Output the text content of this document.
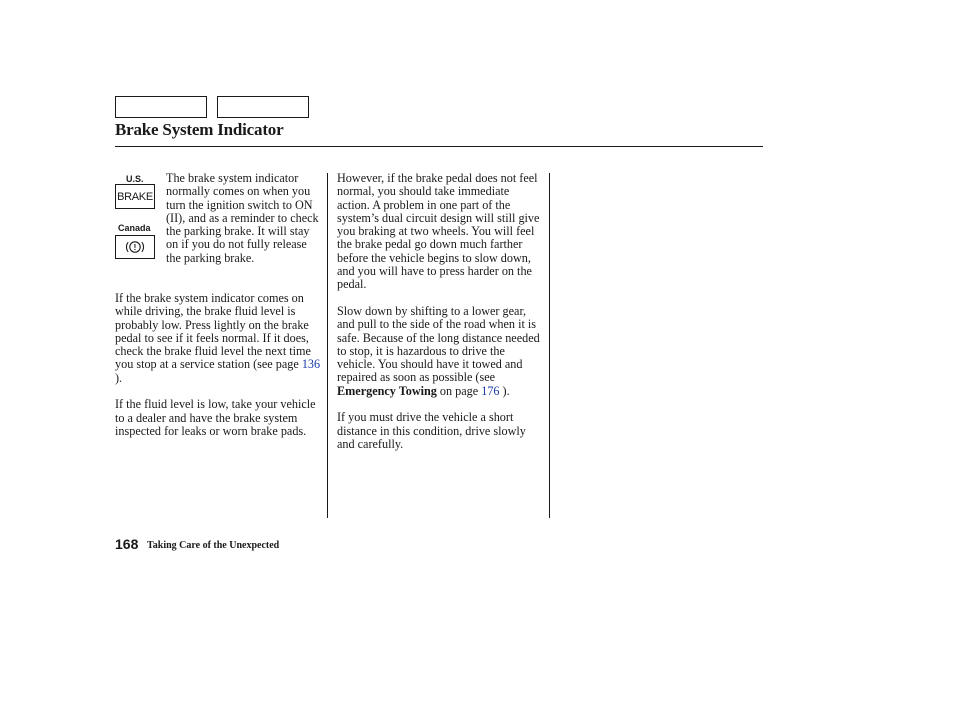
Brake System Indicator
U.S.
BRAKE
Canada
!

The brake system indicator normally comes on when you turn the ignition switch to ON (II), and as a reminder to check the parking brake. It will stay on if you do not fully release the parking brake.

If the brake system indicator comes on while driving, the brake fluid level is probably low. Press lightly on the brake pedal to see if it feels normal. If it does, check the brake fluid level the next time you stop at a service station (see page 136 ).

If the fluid level is low, take your vehicle to a dealer and have the brake system inspected for leaks or worn brake pads.

However, if the brake pedal does not feel normal, you should take immediate action. A problem in one part of the system’s dual circuit design will still give you braking at two wheels. You will feel the brake pedal go down much farther before the vehicle begins to slow down, and you will have to press harder on the pedal.

Slow down by shifting to a lower gear, and pull to the side of the road when it is safe. Because of the long distance needed to stop, it is hazardous to drive the vehicle. You should have it towed and repaired as soon as possible (see Emergency Towing on page 176 ).

If you must drive the vehicle a short distance in this condition, drive slowly and carefully.

168 Taking Care of the Unexpected
